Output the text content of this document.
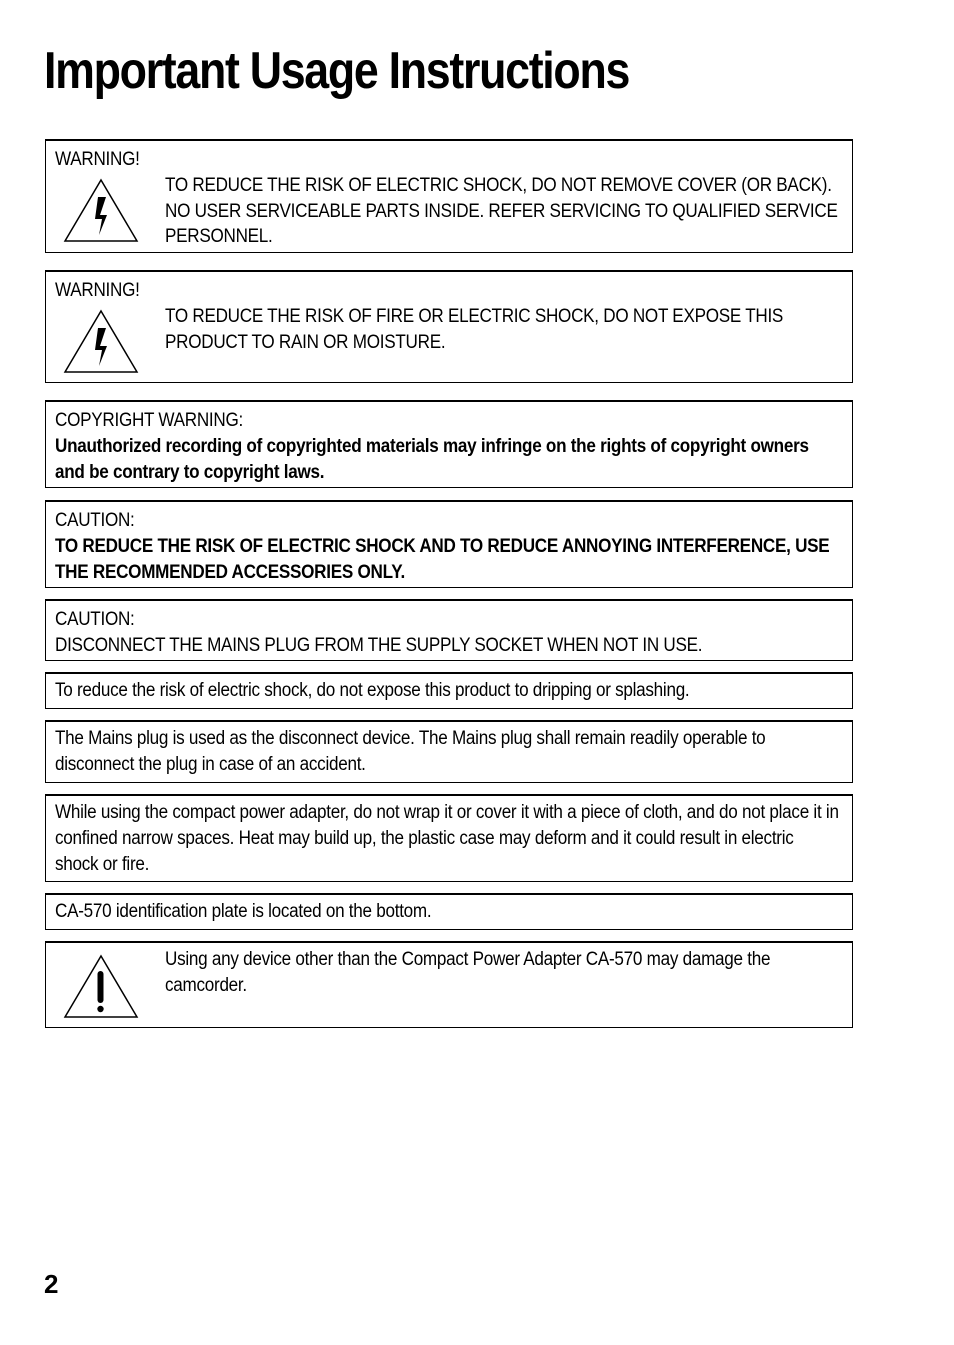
Important Usage Instructions
WARNING!
TO REDUCE THE RISK OF ELECTRIC SHOCK, DO NOT REMOVE COVER (OR BACK). NO USER SERVICEABLE PARTS INSIDE. REFER SERVICING TO QUALIFIED SERVICE PERSONNEL.
WARNING!
TO REDUCE THE RISK OF FIRE OR ELECTRIC SHOCK, DO NOT EXPOSE THIS PRODUCT TO RAIN OR MOISTURE.
COPYRIGHT WARNING:
Unauthorized recording of copyrighted materials may infringe on the rights of copyright owners and be contrary to copyright laws.
CAUTION:
TO REDUCE THE RISK OF ELECTRIC SHOCK AND TO REDUCE ANNOYING INTERFERENCE, USE THE RECOMMENDED ACCESSORIES ONLY.
CAUTION:
DISCONNECT THE MAINS PLUG FROM THE SUPPLY SOCKET WHEN NOT IN USE.
To reduce the risk of electric shock, do not expose this product to dripping or splashing.
The Mains plug is used as the disconnect device. The Mains plug shall remain readily operable to disconnect the plug in case of an accident.
While using the compact power adapter, do not wrap it or cover it with a piece of cloth, and do not place it in confined narrow spaces. Heat may build up, the plastic case may deform and it could result in electric shock or fire.
CA-570 identification plate is located on the bottom.
Using any device other than the Compact Power Adapter CA-570 may damage the camcorder.

2
